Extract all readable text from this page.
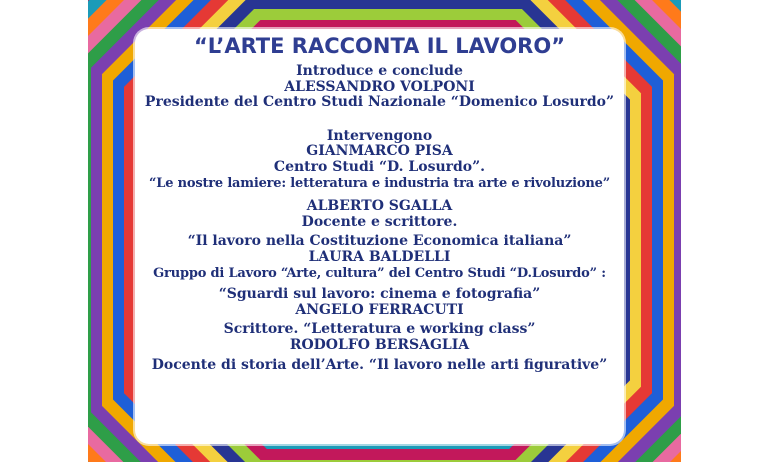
“L’ARTE RACCONTA IL LAVORO”
Introduce e conclude
ALESSANDRO VOLPONI
Presidente del Centro Studi Nazionale “Domenico Losurdo”
Intervengono
GIANMARCO PISA
Centro Studi “D. Losurdo”.
“Le nostre lamiere: letteratura e industria tra arte e rivoluzione”
ALBERTO SGALLA
Docente e scrittore.
“Il lavoro nella Costituzione Economica italiana”
LAURA BALDELLI
Gruppo di Lavoro “Arte, cultura” del Centro Studi “D.Losurdo” :
“Sguardi sul lavoro: cinema e fotografia”
ANGELO FERRACUTI
Scrittore. “Letteratura e working class”
RODOLFO BERSAGLIA
Docente di storia dell’Arte. “Il lavoro nelle arti figurative”
